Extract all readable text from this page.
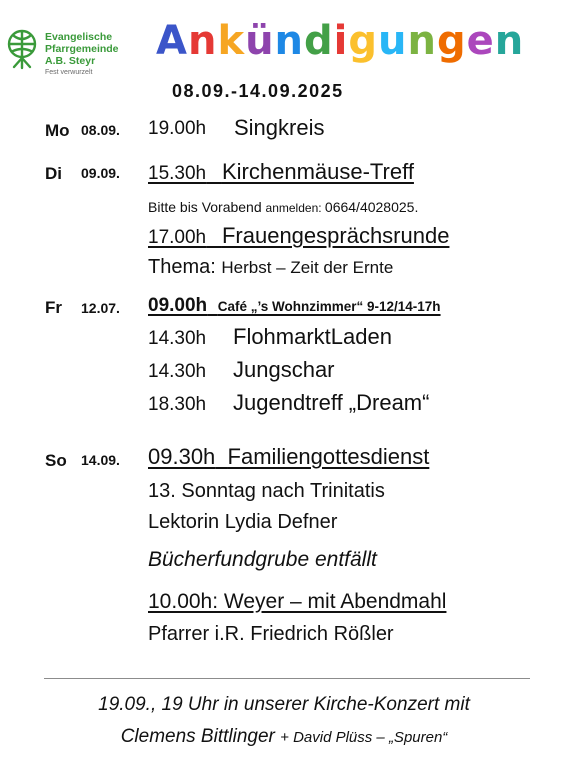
Evangelische
Pfarrgemeinde
A.B. Steyr
Fest verwurzelt
Ankündigungen
08.09.-14.09.2025
Mo 08.09. 19.00h Singkreis
Di 09.09. 15.30h Kirchenmäuse-Treff
Bitte bis Vorabend anmelden: 0664/4028025.
17.00h Frauengesprächsrunde
Thema: Herbst – Zeit der Ernte
Fr 12.07. 09.00h Café „’s Wohnzimmer“ 9-12/14-17h
14.30h FlohmarktLaden
14.30h Jungschar
18.30h Jugendtreff „Dream“
So 14.09. 09.30h Familiengottesdienst
13. Sonntag nach Trinitatis
Lektorin Lydia Defner
Bücherfundgrube entfällt
10.00h: Weyer – mit Abendmahl
Pfarrer i.R. Friedrich Rößler
19.09., 19 Uhr in unserer Kirche-Konzert mit
Clemens Bittlinger + David Plüss – „Spuren“
